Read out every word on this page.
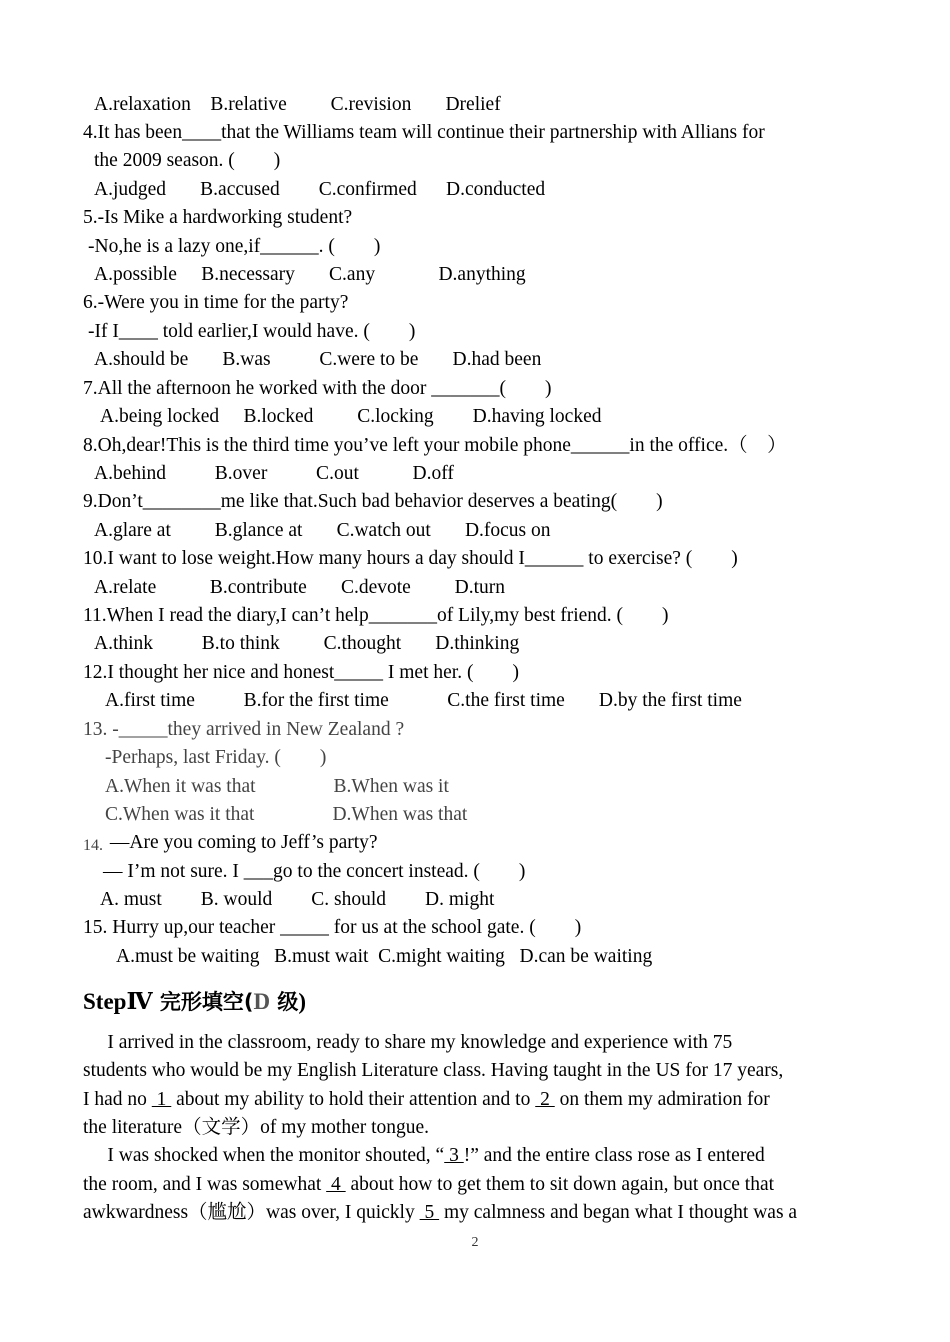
A.relaxation    B.relative         C.revision       Drelief
4.It has been____that the Williams team will continue their partnership with Allians for
the 2009 season. (        )
A.judged       B.accused        C.confirmed      D.conducted
5.-Is Mike a hardworking student?
-No,he is a lazy one,if______. (        )
A.possible     B.necessary       C.any             D.anything
6.-Were you in time for the party?
-If I____ told earlier,I would have. (        )
A.should be       B.was          C.were to be       D.had been
7.All the afternoon he worked with the door _______(        )
A.being locked     B.locked         C.locking        D.having locked
8.Oh,dear!This is the third time you’ve left your mobile phone______in the office.（    ）
A.behind          B.over          C.out           D.off
9.Don’t________me like that.Such bad behavior deserves a beating(        )
A.glare at         B.glance at       C.watch out       D.focus on
10.I want to lose weight.How many hours a day should I______ to exercise? (        )
A.relate           B.contribute       C.devote         D.turn
11.When I read the diary,I can’t help_______of Lily,my best friend. (        )
A.think          B.to think         C.thought       D.thinking
12.I thought her nice and honest_____ I met her. (        )
A.first time          B.for the first time            C.the first time       D.by the first time
13. -_____they arrived in New Zealand ?
-Perhaps, last Friday. (        )
A.When it was that                B.When was it
C.When was it that                D.When was that
14. —Are you coming to Jeff’s party?
— I’m not sure. I ___go to the concert instead. (        )
A. must        B. would        C. should        D. might
15. Hurry up,our teacher _____ for us at the school gate. (        )
A.must be waiting   B.must wait  C.might waiting   D.can be waiting
StepⅣ 完形填空(D 级)
I arrived in the classroom, ready to share my knowledge and experience with 75
students who would be my English Literature class. Having taught in the US for 17 years,
I had no  1  about my ability to hold their attention and to  2  on them my admiration for
the literature（文学）of my mother tongue.
I was shocked when the monitor shouted, “ 3 !” and the entire class rose as I entered
the room, and I was somewhat  4  about how to get them to sit down again, but once that
awkwardness（尴尬）was over, I quickly  5  my calmness and began what I thought was a
2
